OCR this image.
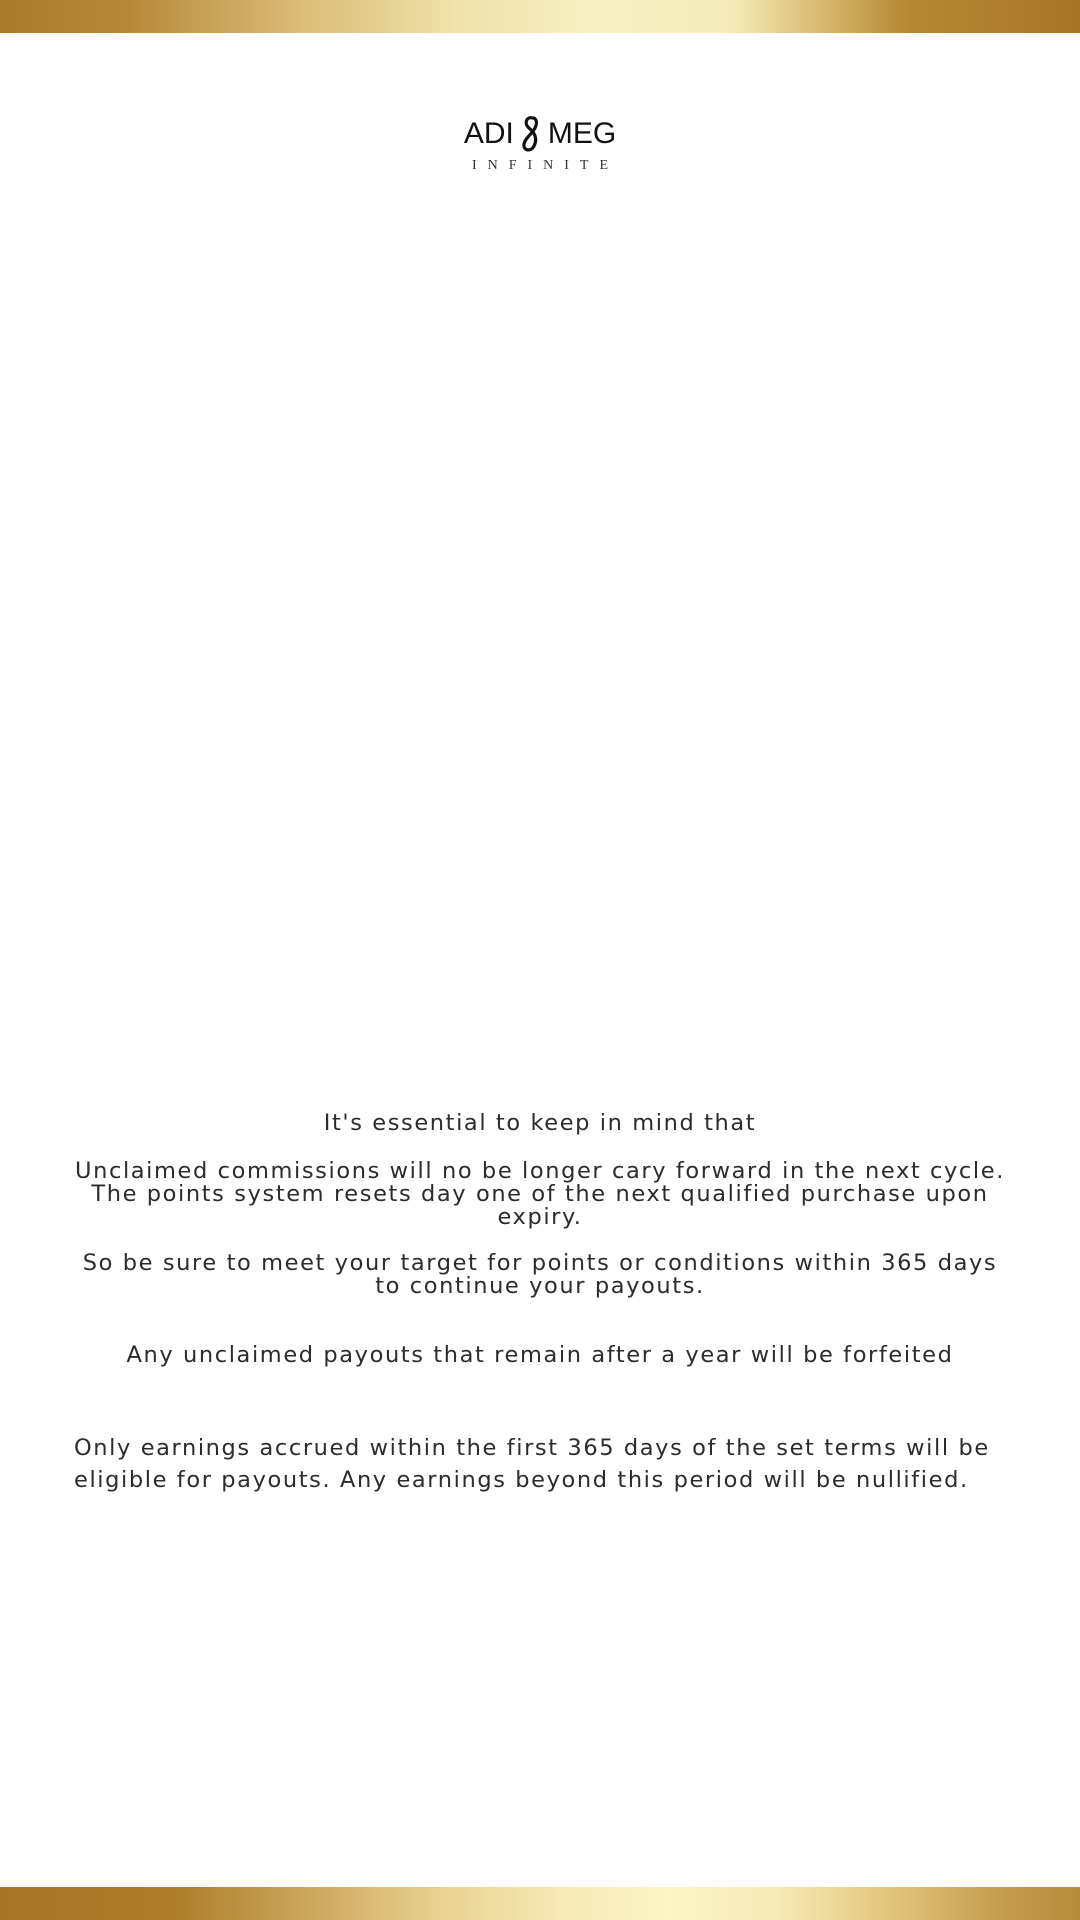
ADI MEG
INFINITE
It's essential to keep in mind that
Unclaimed commissions will no be longer cary forward in the next cycle.
The points system resets day one of the next qualified purchase upon
expiry.
So be sure to meet your target for points or conditions within 365 days
to continue your payouts.
Any unclaimed payouts that remain after a year will be forfeited
Only earnings accrued within the first 365 days of the set terms will be
eligible for payouts. Any earnings beyond this period will be nullified.
